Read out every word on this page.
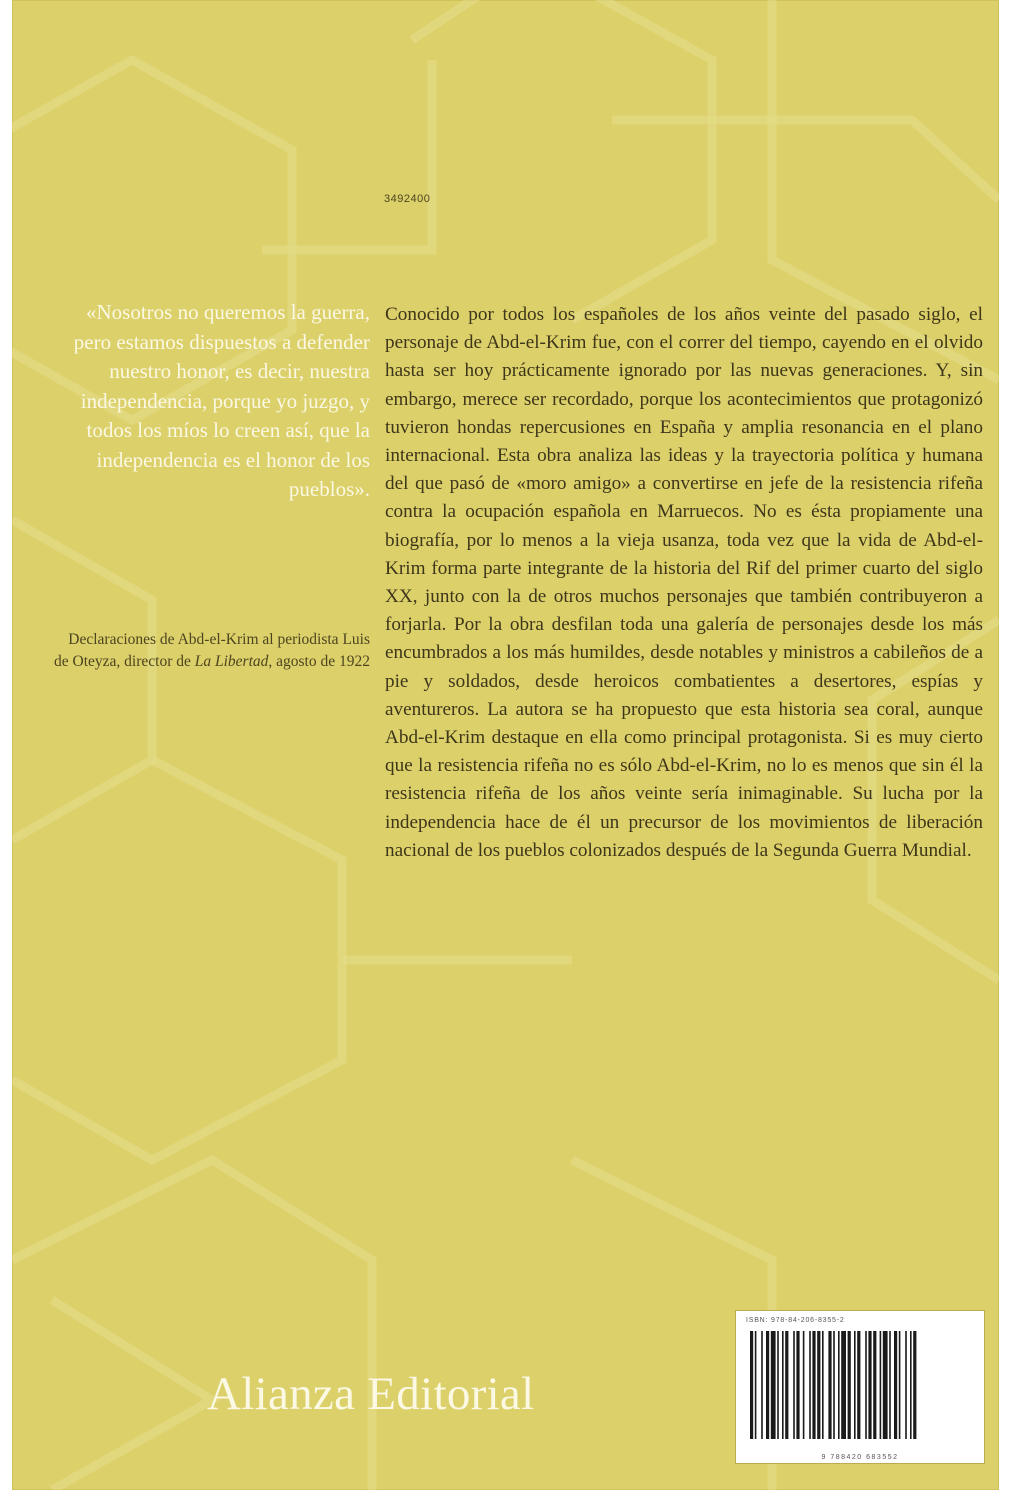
3492400
«Nosotros no queremos la guerra, pero estamos dispuestos a defender nuestro honor, es decir, nuestra independencia, porque yo juzgo, y todos los míos lo creen así, que la independencia es el honor de los pueblos».
Declaraciones de Abd-el-Krim al periodista Luis de Oteyza, director de La Libertad, agosto de 1922
Conocido por todos los españoles de los años veinte del pasado siglo, el personaje de Abd-el-Krim fue, con el correr del tiempo, cayendo en el olvido hasta ser hoy prácticamente ignorado por las nuevas generaciones. Y, sin embargo, merece ser recordado, porque los acontecimientos que protagonizó tuvieron hondas repercusiones en España y amplia resonancia en el plano internacional. Esta obra analiza las ideas y la trayectoria política y humana del que pasó de «moro amigo» a convertirse en jefe de la resistencia rifeña contra la ocupación española en Marruecos. No es ésta propiamente una biografía, por lo menos a la vieja usanza, toda vez que la vida de Abd-el-Krim forma parte integrante de la historia del Rif del primer cuarto del siglo XX, junto con la de otros muchos personajes que también contribuyeron a forjarla. Por la obra desfilan toda una galería de personajes desde los más encumbrados a los más humildes, desde notables y ministros a cabileños de a pie y soldados, desde heroicos combatientes a desertores, espías y aventureros. La autora se ha propuesto que esta historia sea coral, aunque Abd-el-Krim destaque en ella como principal protagonista. Si es muy cierto que la resistencia rifeña no es sólo Abd-el-Krim, no lo es menos que sin él la resistencia rifeña de los años veinte sería inimaginable. Su lucha por la independencia hace de él un precursor de los movimientos de liberación nacional de los pueblos colonizados después de la Segunda Guerra Mundial.
ISBN: 978-84-206-8355-2
9 788420 683552
Alianza Editorial
